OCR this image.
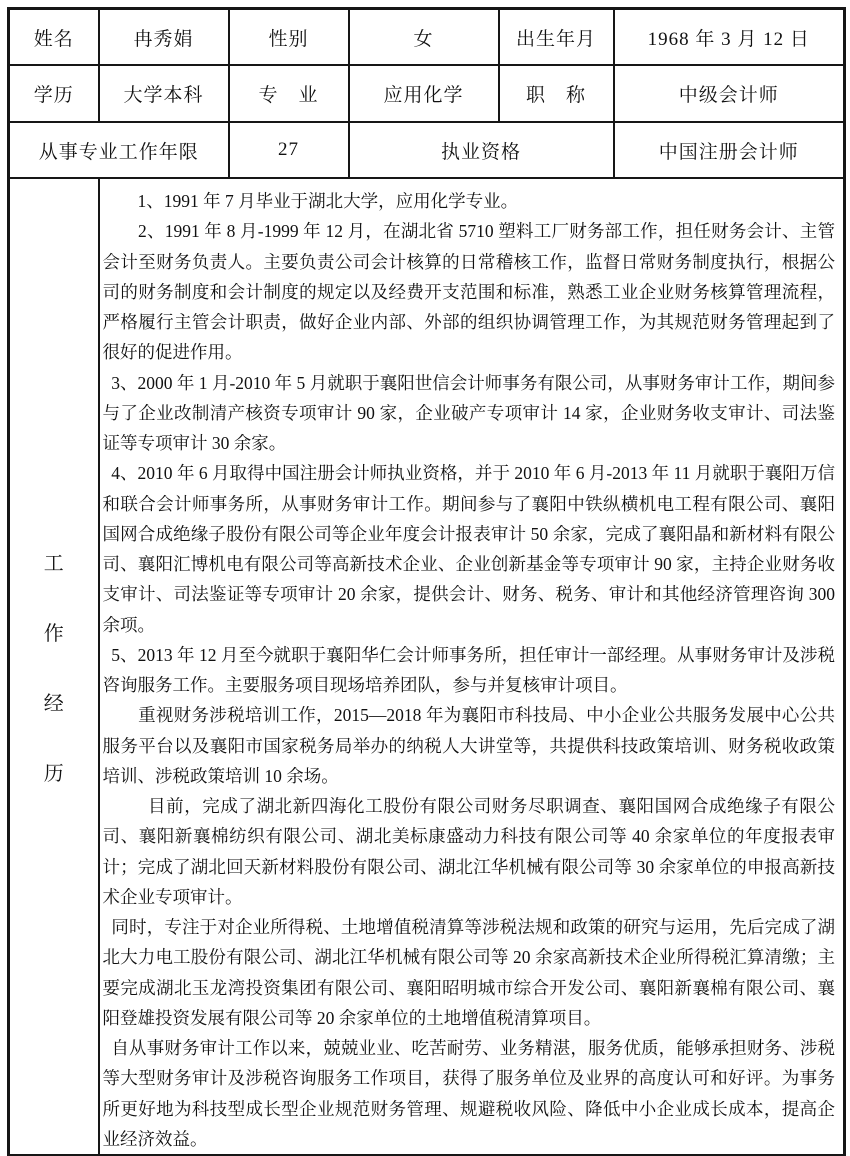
姓名	冉秀娟	性别	女	出生年月	1968 年 3 月 12 日
学历	大学本科	专　业	应用化学	职　称	中级会计师
从事专业工作年限		27	执业资格		中国注册会计师

工
作
经
历

　　1、1991 年 7 月毕业于湖北大学，应用化学专业。

　　2、1991 年 8 月-1999 年 12 月，在湖北省 5710 塑料工厂财务部工作，担任财务会计、主管会计至财务负责人。主要负责公司会计核算的日常稽核工作，监督日常财务制度执行，根据公司的财务制度和会计制度的规定以及经费开支范围和标准，熟悉工业企业财务核算管理流程，严格履行主管会计职责，做好企业内部、外部的组织协调管理工作，为其规范财务管理起到了很好的促进作用。

 3、2000 年 1 月-2010 年 5 月就职于襄阳世信会计师事务有限公司，从事财务审计工作，期间参与了企业改制清产核资专项审计 90 家，企业破产专项审计 14 家，企业财务收支审计、司法鉴证等专项审计 30 余家。

 4、2010 年 6 月取得中国注册会计师执业资格，并于 2010 年 6 月-2013 年 11 月就职于襄阳万信和联合会计师事务所，从事财务审计工作。期间参与了襄阳中铁纵横机电工程有限公司、襄阳国网合成绝缘子股份有限公司等企业年度会计报表审计 50 余家，完成了襄阳晶和新材料有限公司、襄阳汇博机电有限公司等高新技术企业、企业创新基金等专项审计 90 家，主持企业财务收支审计、司法鉴证等专项审计 20 余家，提供会计、财务、税务、审计和其他经济管理咨询 300 余项。

 5、2013 年 12 月至今就职于襄阳华仁会计师事务所，担任审计一部经理。从事财务审计及涉税咨询服务工作。主要服务项目现场培养团队，参与并复核审计项目。

　　重视财务涉税培训工作，2015—2018 年为襄阳市科技局、中小企业公共服务发展中心公共服务平台以及襄阳市国家税务局举办的纳税人大讲堂等，共提供科技政策培训、财务税收政策培训、涉税政策培训 10 余场。

　　 目前，完成了湖北新四海化工股份有限公司财务尽职调查、襄阳国网合成绝缘子有限公司、襄阳新襄棉纺织有限公司、湖北美标康盛动力科技有限公司等 40 余家单位的年度报表审计；完成了湖北回天新材料股份有限公司、湖北江华机械有限公司等 30 余家单位的申报高新技术企业专项审计。

 同时，专注于对企业所得税、土地增值税清算等涉税法规和政策的研究与运用，先后完成了湖北大力电工股份有限公司、湖北江华机械有限公司等 20 余家高新技术企业所得税汇算清缴；主要完成湖北玉龙湾投资集团有限公司、襄阳昭明城市综合开发公司、襄阳新襄棉有限公司、襄阳登雄投资发展有限公司等 20 余家单位的土地增值税清算项目。

 自从事财务审计工作以来，兢兢业业、吃苦耐劳、业务精湛，服务优质，能够承担财务、涉税等大型财务审计及涉税咨询服务工作项目，获得了服务单位及业界的高度认可和好评。为事务所更好地为科技型成长型企业规范财务管理、规避税收风险、降低中小企业成长成本，提高企业经济效益。
